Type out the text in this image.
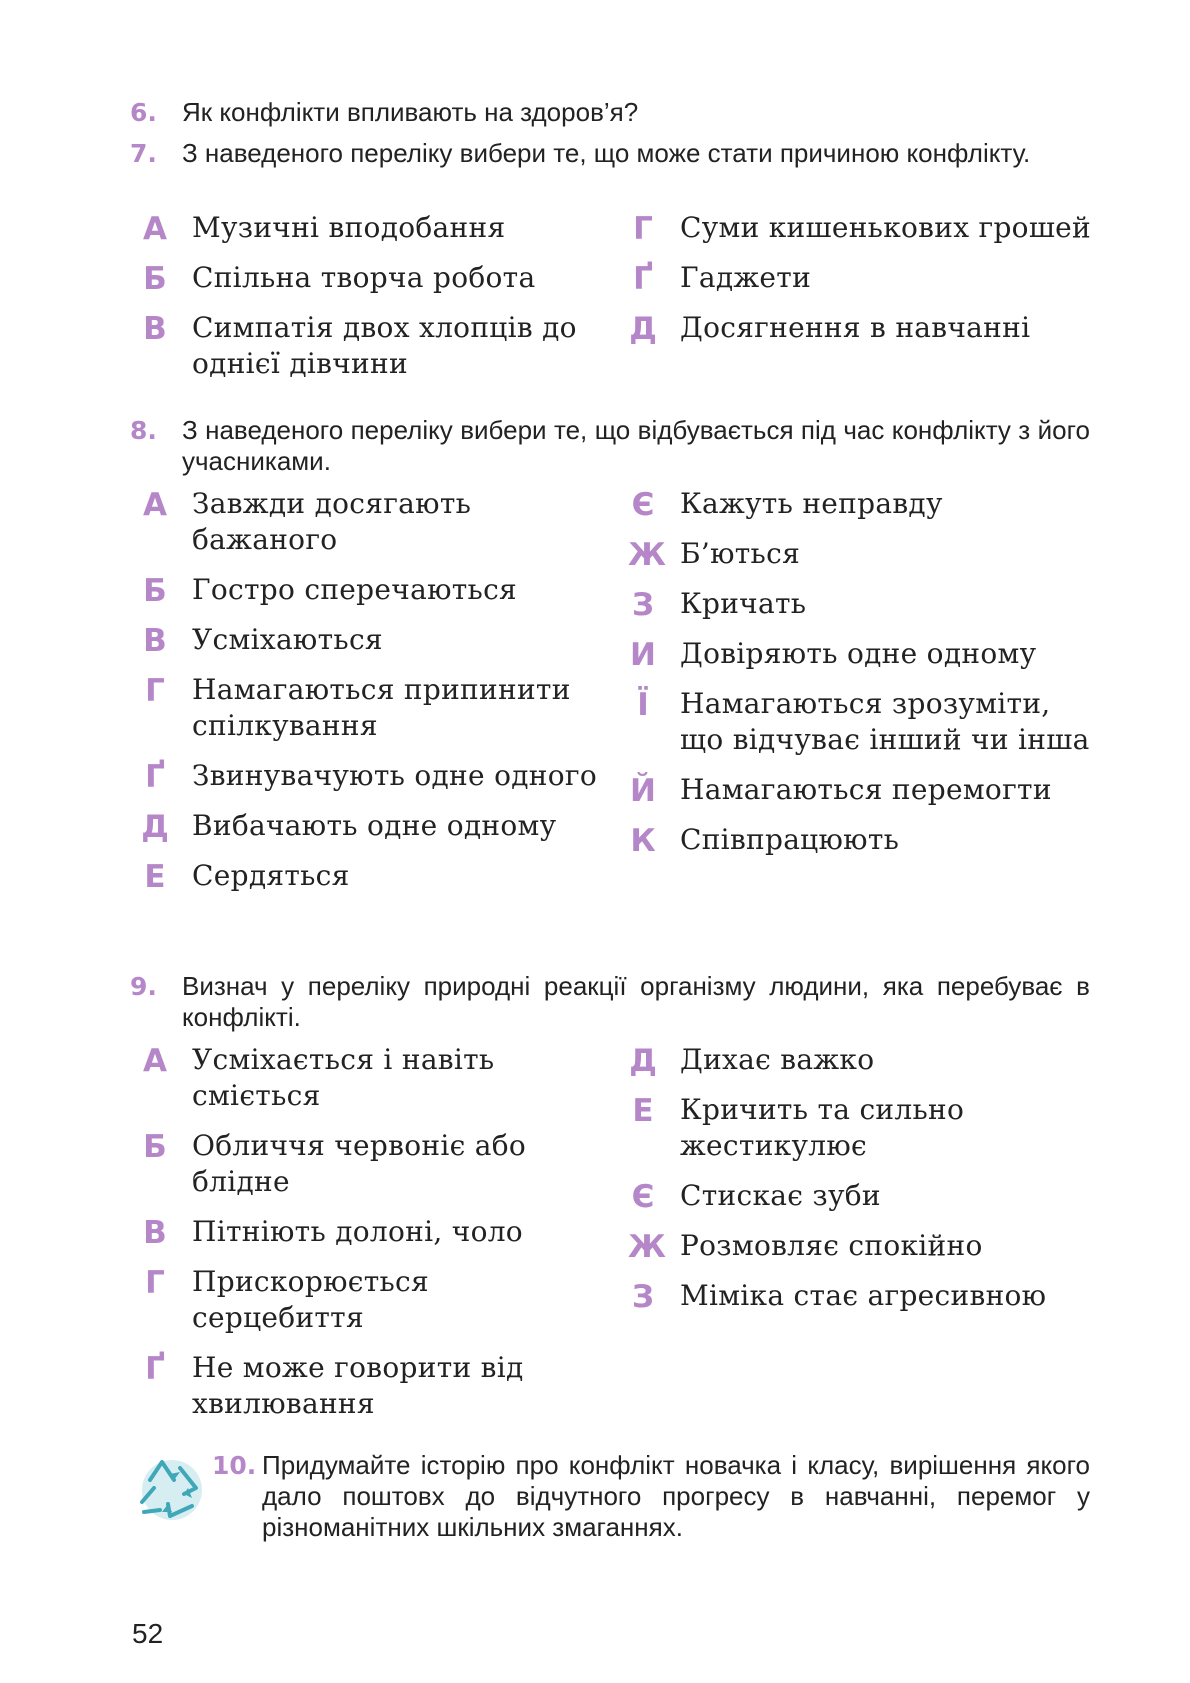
6. Як конфлікти впливають на здоров’я?
7. З наведеного переліку вибери те, що може стати причиною конфлікту.
А Музичні вподобання
Б Спільна творча робота
В Симпатія двох хлопців до однієї дівчини
Г Суми кишенькових грошей
Ґ Гаджети
Д Досягнення в навчанні
8. З наведеного переліку вибери те, що відбувається під час конфлікту з його учасниками.
А Завжди досягають бажаного
Б Гостро сперечаються
В Усміхаються
Г Намагаються припинити спілкування
Ґ Звинувачують одне одного
Д Вибачають одне одному
Е Сердяться
Є Кажуть неправду
Ж Б’ються
З Кричать
И Довіряють одне одному
Ї	Намагаються зрозуміти, що відчуває інший чи інша
Й Намагаються перемогти
К Співпрацюють
9. Визнач у переліку природні реакції організму людини, яка перебуває в конфлікті.
А Усміхається і навіть сміється
Б Обличчя червоніє або блідне
В Пітніють долоні, чоло
Г Прискорюється серцебиття
Ґ Не може говорити від хвилювання
Д Дихає важко
Е Кричить та сильно жестикулює
Є Стискає зуби
Ж Розмовляє спокійно
З Міміка стає агресивною
10. Придумайте історію про конфлікт новачка і класу, вирішення якого дало поштовх до відчутного прогресу в навчанні, перемог у різноманітних шкільних змаганнях.
52
